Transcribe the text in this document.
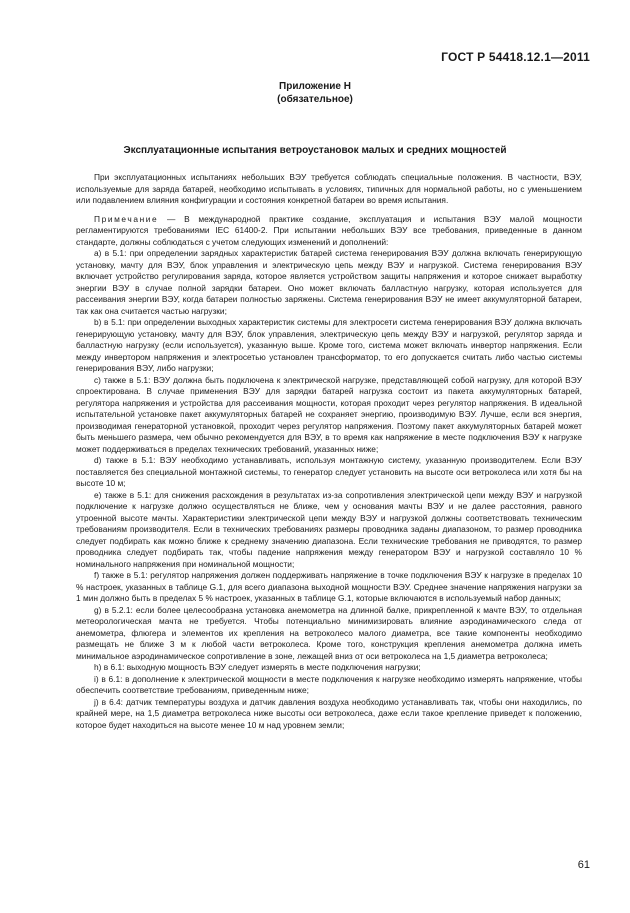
ГОСТ Р 54418.12.1—2011
Приложение Н
(обязательное)
Эксплуатационные испытания ветроустановок малых и средних мощностей

При эксплуатационных испытаниях небольших ВЭУ требуется соблюдать специальные положения. В частности, ВЭУ, используемые для заряда батарей, необходимо испытывать в условиях, типичных для нормальной работы, но с уменьшением или подавлением влияния конфигурации и состояния конкретной батареи во время испытания.

Примечание — В международной практике создание, эксплуатация и испытания ВЭУ малой мощности регламентируются требованиями IEC 61400-2. При испытании небольших ВЭУ все требования, приведенные в данном стандарте, должны соблюдаться с учетом следующих изменений и дополнений:

а) в 5.1: при определении зарядных характеристик батарей система генерирования ВЭУ должна включать генерирующую установку, мачту для ВЭУ, блок управления и электрическую цепь между ВЭУ и нагрузкой. Система генерирования ВЭУ включает устройство регулирования заряда, которое является устройством защиты напряжения и которое снижает выработку энергии ВЭУ в случае полной зарядки батареи. Оно может включать балластную нагрузку, которая используется для рассеивания энергии ВЭУ, когда батареи полностью заряжены. Система генерирования ВЭУ не имеет аккумуляторной батареи, так как она считается частью нагрузки;

b) в 5.1: при определении выходных характеристик системы для электросети система генерирования ВЭУ должна включать генерирующую установку, мачту для ВЭУ, блок управления, электрическую цепь между ВЭУ и нагрузкой, регулятор заряда и балластную нагрузку (если используется), указанную выше. Кроме того, система может включать инвертор напряжения. Если между инвертором напряжения и электросетью установлен трансформатор, то его допускается считать либо частью системы генерирования ВЭУ, либо нагрузки;

c) также в 5.1: ВЭУ должна быть подключена к электрической нагрузке, представляющей собой нагрузку, для которой ВЭУ спроектирована. В случае применения ВЭУ для зарядки батарей нагрузка состоит из пакета аккумуляторных батарей, регулятора напряжения и устройства для рассеивания мощности, которая проходит через регулятор напряжения. В идеальной испытательной установке пакет аккумуляторных батарей не сохраняет энергию, производимую ВЭУ. Лучше, если вся энергия, производимая генераторной установкой, проходит через регулятор напряжения. Поэтому пакет аккумуляторных батарей может быть меньшего размера, чем обычно рекомендуется для ВЭУ, в то время как напряжение в месте подключения ВЭУ к нагрузке может поддерживаться в пределах технических требований, указанных ниже;

d) также в 5.1: ВЭУ необходимо устанавливать, используя монтажную систему, указанную производителем. Если ВЭУ поставляется без специальной монтажной системы, то генератор следует установить на высоте оси ветроколеса или хотя бы на высоте 10 м;

e) также в 5.1: для снижения расхождения в результатах из-за сопротивления электрической цепи между ВЭУ и нагрузкой подключение к нагрузке должно осуществляться не ближе, чем у основания мачты ВЭУ и не далее расстояния, равного утроенной высоте мачты. Характеристики электрической цепи между ВЭУ и нагрузкой должны соответствовать техническим требованиям производителя. Если в технических требованиях размеры проводника заданы диапазоном, то размер проводника следует подбирать как можно ближе к среднему значению диапазона. Если технические требования не приводятся, то размер проводника следует подбирать так, чтобы падение напряжения между генератором ВЭУ и нагрузкой составляло 10 % номинального напряжения при номинальной мощности;

f) также в 5.1: регулятор напряжения должен поддерживать напряжение в точке подключения ВЭУ к нагрузке в пределах 10 % настроек, указанных в таблице G.1, для всего диапазона выходной мощности ВЭУ. Среднее значение напряжения нагрузки за 1 мин должно быть в пределах 5 % настроек, указанных в таблице G.1, которые включаются в используемый набор данных;

g) в 5.2.1: если более целесообразна установка анемометра на длинной балке, прикрепленной к мачте ВЭУ, то отдельная метеорологическая мачта не требуется. Чтобы потенциально минимизировать влияние аэродинамического следа от анемометра, флюгера и элементов их крепления на ветроколесо малого диаметра, все такие компоненты необходимо размещать не ближе 3 м к любой части ветроколеса. Кроме того, конструкция крепления анемометра должна иметь минимальное аэродинамическое сопротивление в зоне, лежащей вниз от оси ветроколеса на 1,5 диаметра ветроколеса;

h) в 6.1: выходную мощность ВЭУ следует измерять в месте подключения нагрузки;

i) в 6.1: в дополнение к электрической мощности в месте подключения к нагрузке необходимо измерять напряжение, чтобы обеспечить соответствие требованиям, приведенным ниже;

j) в 6.4: датчик температуры воздуха и датчик давления воздуха необходимо устанавливать так, чтобы они находились, по крайней мере, на 1,5 диаметра ветроколеса ниже высоты оси ветроколеса, даже если такое крепление приведет к положению, которое будет находиться на высоте менее 10 м над уровнем земли;

61
